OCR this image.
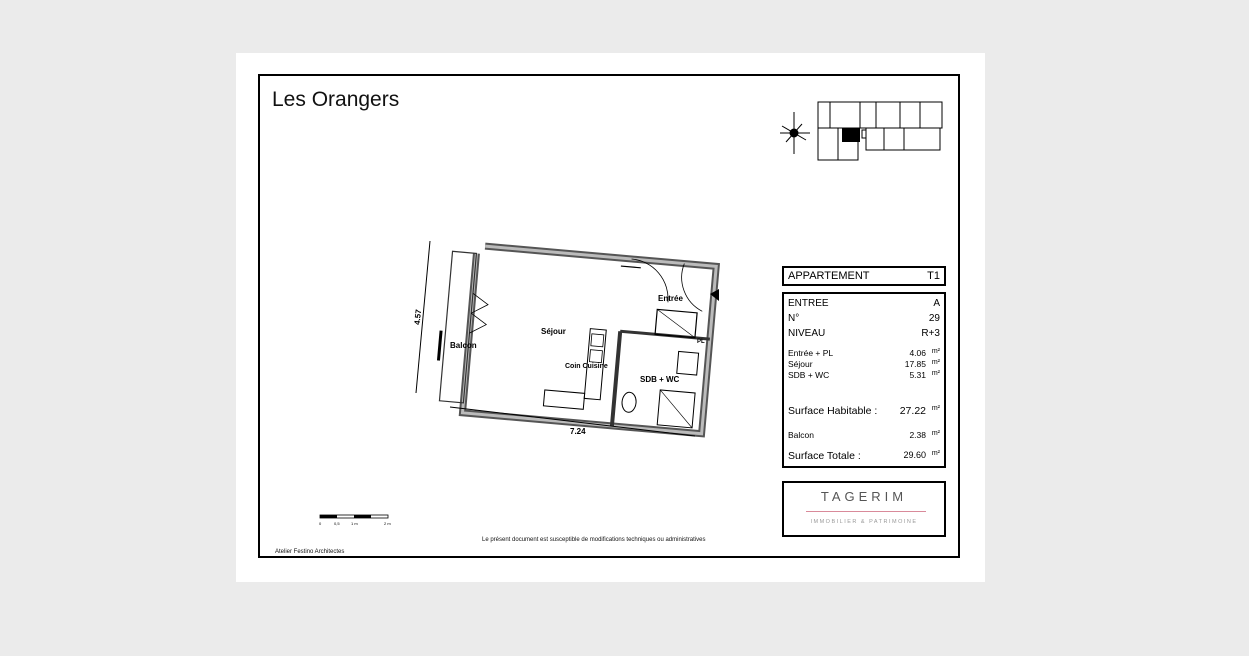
Les Orangers
4.57
7.24
Balcon
Séjour
Entrée
Coin Cuisine
SDB + WC
PL
APPARTEMENT	T1
ENTREE	A
N°	29
NIVEAU	R+3
Entrée + PL	4.06 m²
Séjour	17.85 m²
SDB + WC	5.31 m²
Surface Habitable : 27.22 m²
Balcon	2.38 m²
Surface Totale :	29.60 m²
TAGERIM
IMMOBILIER & PATRIMOINE
0	0,5	1 m	2 m
Le présent document est susceptible de modifications techniques ou administratives
Atelier Festino Architectes
